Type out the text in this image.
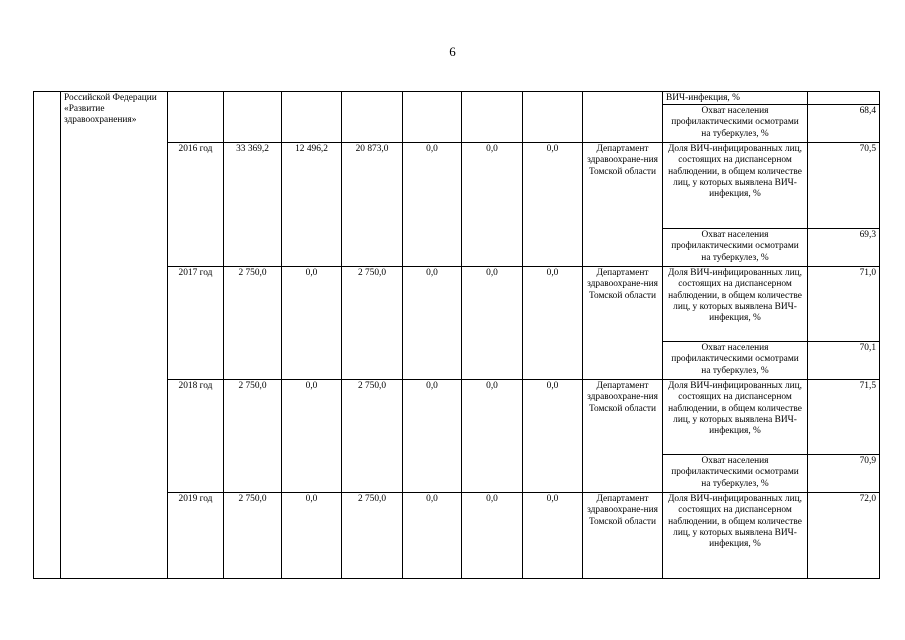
6
	Российской Федерации «Развитие здравоохранения»									ВИЧ-инфекция, %	
										Охват населения профилактическими осмотрами на туберкулез, %	68,4
		2016 год	33 369,2	12 496,2	20 873,0	0,0	0,0	0,0	Департамент здравоохране-ния Томской области	Доля ВИЧ-инфицированных лиц, состоящих на диспансерном наблюдении, в общем количестве лиц, у которых выявлена ВИЧ-инфекция, %	70,5
										Охват населения профилактическими осмотрами на туберкулез, %	69,3
		2017 год	2 750,0	0,0	2 750,0	0,0	0,0	0,0	Департамент здравоохране-ния Томской области	Доля ВИЧ-инфицированных лиц, состоящих на диспансерном наблюдении, в общем количестве лиц, у которых выявлена ВИЧ-инфекция, %	71,0
										Охват населения профилактическими осмотрами на туберкулез, %	70,1
		2018 год	2 750,0	0,0	2 750,0	0,0	0,0	0,0	Департамент здравоохране-ния Томской области	Доля ВИЧ-инфицированных лиц, состоящих на диспансерном наблюдении, в общем количестве лиц, у которых выявлена ВИЧ-инфекция, %	71,5
										Охват населения профилактическими осмотрами на туберкулез, %	70,9
		2019 год	2 750,0	0,0	2 750,0	0,0	0,0	0,0	Департамент здравоохране-ния Томской области	Доля ВИЧ-инфицированных лиц, состоящих на диспансерном наблюдении, в общем количестве лиц, у которых выявлена ВИЧ-инфекция, %	72,0
